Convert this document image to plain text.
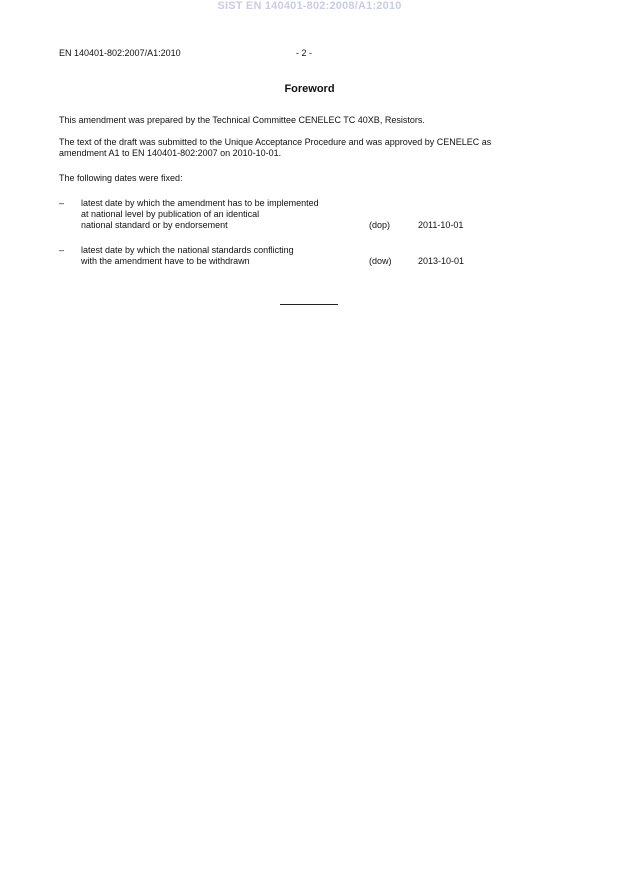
SIST EN 140401-802:2008/A1:2010
EN 140401-802:2007/A1:2010	- 2 -
Foreword
This amendment was prepared by the Technical Committee CENELEC TC 40XB, Resistors.
The text of the draft was submitted to the Unique Acceptance Procedure and was approved by CENELEC as
amendment A1 to EN 140401-802:2007 on 2010-10-01.
The following dates were fixed:
– latest date by which the amendment has to be implemented
at national level by publication of an identical
national standard or by endorsement	(dop)	2011-10-01
– latest date by which the national standards conflicting
with the amendment have to be withdrawn	(dow)	2013-10-01
